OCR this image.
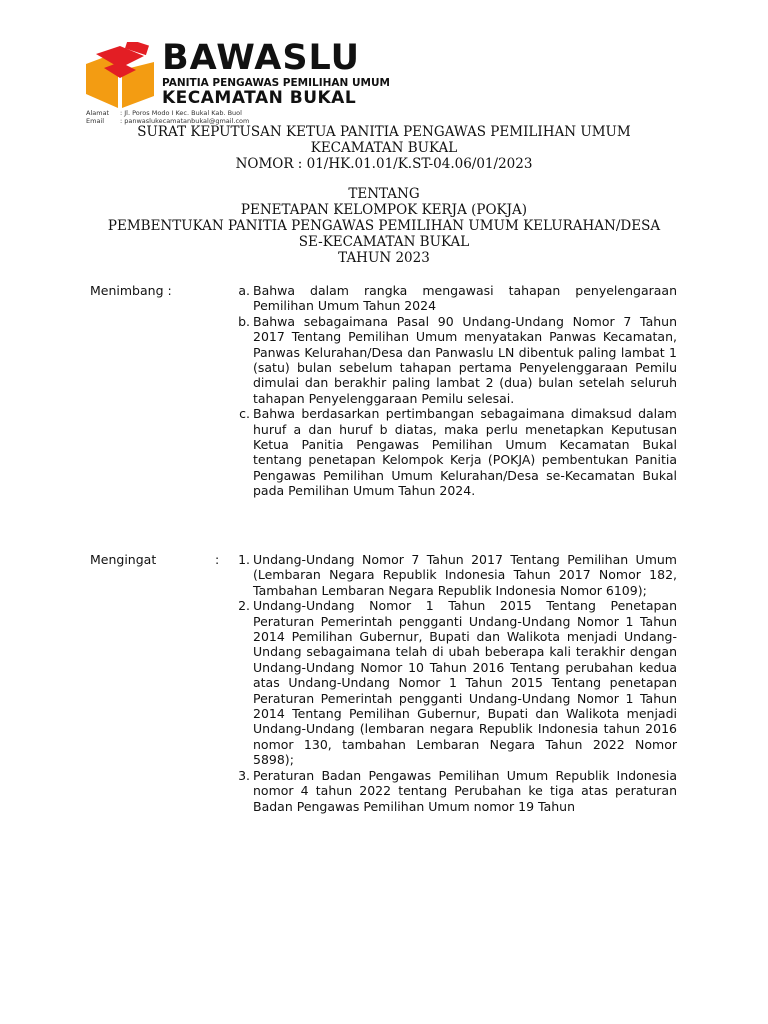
BAWASLU
PANITIA PENGAWAS PEMILIHAN UMUM
KECAMATAN BUKAL
Alamat	: Jl. Poros Modo I Kec. Bukal Kab. Buol
Email	: panwaslukecamatanbukal@gmail.com
SURAT KEPUTUSAN KETUA PANITIA PENGAWAS PEMILIHAN UMUM
KECAMATAN BUKAL
NOMOR : 01/HK.01.01/K.ST-04.06/01/2023
TENTANG
PENETAPAN KELOMPOK KERJA (POKJA)
PEMBENTUKAN PANITIA PENGAWAS PEMILIHAN UMUM KELURAHAN/DESA
SE-KECAMATAN BUKAL
TAHUN 2023
Menimbang :	a. Bahwa dalam rangka mengawasi tahapan penyelengaraan Pemilihan Umum Tahun 2024
b. Bahwa sebagaimana Pasal 90 Undang-Undang Nomor 7 Tahun 2017 Tentang Pemilihan Umum menyatakan Panwas Kecamatan, Panwas Kelurahan/Desa dan Panwaslu LN dibentuk paling lambat 1 (satu) bulan sebelum tahapan pertama Penyelenggaraan Pemilu dimulai dan berakhir paling lambat 2 (dua) bulan setelah seluruh tahapan Penyelenggaraan Pemilu selesai.
c. Bahwa berdasarkan pertimbangan sebagaimana dimaksud dalam huruf a dan huruf b diatas, maka perlu menetapkan Keputusan Ketua Panitia Pengawas Pemilihan Umum Kecamatan Bukal tentang penetapan Kelompok Kerja (POKJA) pembentukan Panitia Pengawas Pemilihan Umum Kelurahan/Desa se-Kecamatan Bukal pada Pemilihan Umum Tahun 2024.
Mengingat	:	1. Undang-Undang Nomor 7 Tahun 2017 Tentang Pemilihan Umum (Lembaran Negara Republik Indonesia Tahun 2017 Nomor 182, Tambahan Lembaran Negara Republik Indonesia Nomor 6109);
2. Undang-Undang Nomor 1 Tahun 2015 Tentang Penetapan Peraturan Pemerintah pengganti Undang-Undang Nomor 1 Tahun 2014 Pemilihan Gubernur, Bupati dan Walikota menjadi Undang-Undang sebagaimana telah di ubah beberapa kali terakhir dengan Undang-Undang Nomor 10 Tahun 2016 Tentang perubahan kedua atas Undang-Undang Nomor 1 Tahun 2015 Tentang penetapan Peraturan Pemerintah pengganti Undang-Undang Nomor 1 Tahun 2014 Tentang Pemilihan Gubernur, Bupati dan Walikota menjadi Undang-Undang (lembaran negara Republik Indonesia tahun 2016 nomor 130, tambahan Lembaran Negara Tahun 2022 Nomor 5898);
3. Peraturan Badan Pengawas Pemilihan Umum Republik Indonesia nomor 4 tahun 2022 tentang Perubahan ke tiga atas peraturan Badan Pengawas Pemilihan Umum nomor 19 Tahun
